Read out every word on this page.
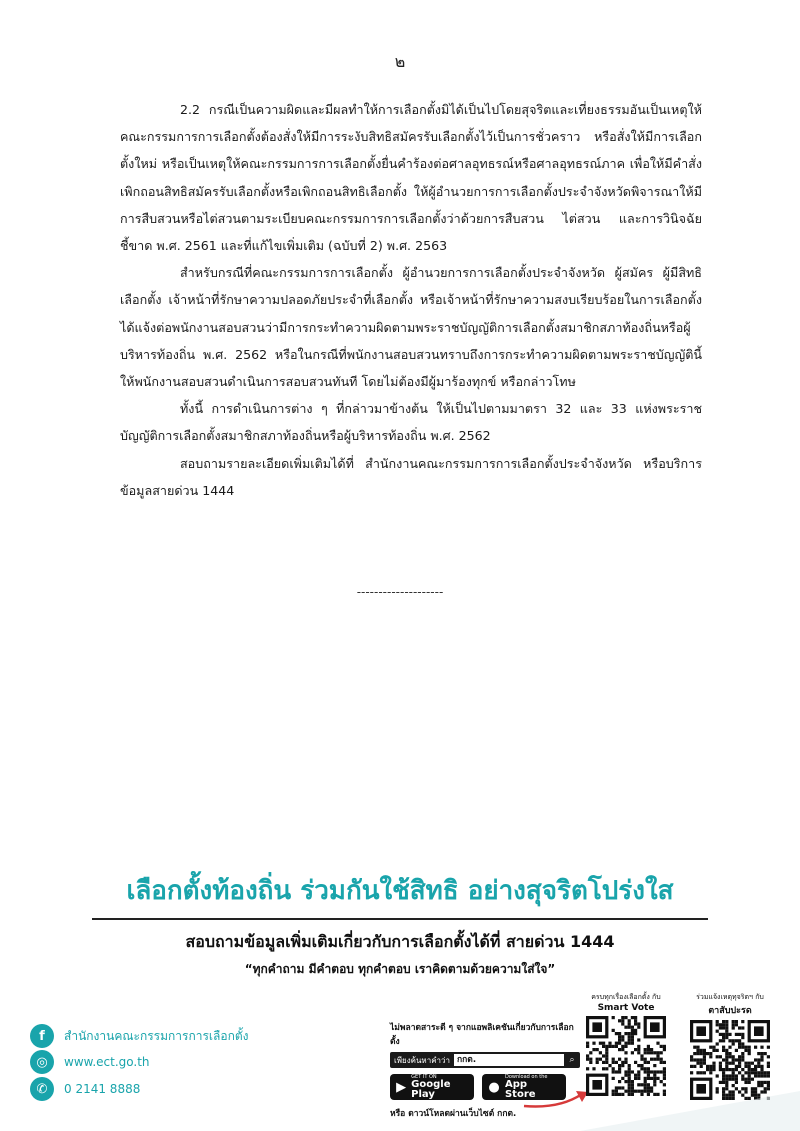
๒

2.2 กรณีเป็นความผิดและมีผลทำให้การเลือกตั้งมิได้เป็นไปโดยสุจริตและเที่ยงธรรมอันเป็นเหตุให้คณะกรรมการการเลือกตั้งต้องสั่งให้มีการระงับสิทธิสมัครรับเลือกตั้งไว้เป็นการชั่วคราว หรือสั่งให้มีการเลือกตั้งใหม่ หรือเป็นเหตุให้คณะกรรมการการเลือกตั้งยื่นคำร้องต่อศาลอุทธรณ์หรือศาลอุทธรณ์ภาค เพื่อให้มีคำสั่งเพิกถอนสิทธิสมัครรับเลือกตั้งหรือเพิกถอนสิทธิเลือกตั้ง ให้ผู้อำนวยการการเลือกตั้งประจำจังหวัดพิจารณาให้มีการสืบสวนหรือไต่สวนตามระเบียบคณะกรรมการการเลือกตั้งว่าด้วยการสืบสวน ไต่สวน และการวินิจฉัยชี้ขาด พ.ศ. 2561 และที่แก้ไขเพิ่มเติม (ฉบับที่ 2) พ.ศ. 2563

สำหรับกรณีที่คณะกรรมการการเลือกตั้ง ผู้อำนวยการการเลือกตั้งประจำจังหวัด ผู้สมัคร ผู้มีสิทธิเลือกตั้ง เจ้าหน้าที่รักษาความปลอดภัยประจำที่เลือกตั้ง หรือเจ้าหน้าที่รักษาความสงบเรียบร้อยในการเลือกตั้ง ได้แจ้งต่อพนักงานสอบสวนว่ามีการกระทำความผิดตามพระราชบัญญัติการเลือกตั้งสมาชิกสภาท้องถิ่นหรือผู้บริหารท้องถิ่น พ.ศ. 2562 หรือในกรณีที่พนักงานสอบสวนทราบถึงการกระทำความผิดตามพระราชบัญญัตินี้ ให้พนักงานสอบสวนดำเนินการสอบสวนทันที โดยไม่ต้องมีผู้มาร้องทุกข์ หรือกล่าวโทษ

ทั้งนี้ การดำเนินการต่าง ๆ ที่กล่าวมาข้างต้น ให้เป็นไปตามมาตรา 32 และ 33 แห่งพระราชบัญญัติการเลือกตั้งสมาชิกสภาท้องถิ่นหรือผู้บริหารท้องถิ่น พ.ศ. 2562

สอบถามรายละเอียดเพิ่มเติมได้ที่ สำนักงานคณะกรรมการการเลือกตั้งประจำจังหวัด หรือบริการข้อมูลสายด่วน 1444

--------------------
เลือกตั้งท้องถิ่น ร่วมกันใช้สิทธิ อย่างสุจริตโปร่งใส
สอบถามข้อมูลเพิ่มเติมเกี่ยวกับการเลือกตั้งได้ที่ สายด่วน 1444
“ทุกคำถาม มีคำตอบ ทุกคำตอบ เราคิดตามด้วยความใส่ใจ”
f	สำนักงานคณะกรรมการการเลือกตั้ง
◎	www.ect.go.th
✆	0 2141 8888
ไม่พลาดสาระดี ๆ จากแอพลิเคชันเกี่ยวกับการเลือกตั้ง
เพียงค้นหาคำว่า กกต.	⌕
▶
GET IT ON
Google Play	●
Download on the
App Store
หรือ ดาวน์โหลดผ่านเว็บไซต์ กกต.
ครบทุกเรื่องเลือกตั้ง กับ
Smart Vote
ร่วมแจ้งเหตุทุจริตฯ กับ
ตาสับปะรด
